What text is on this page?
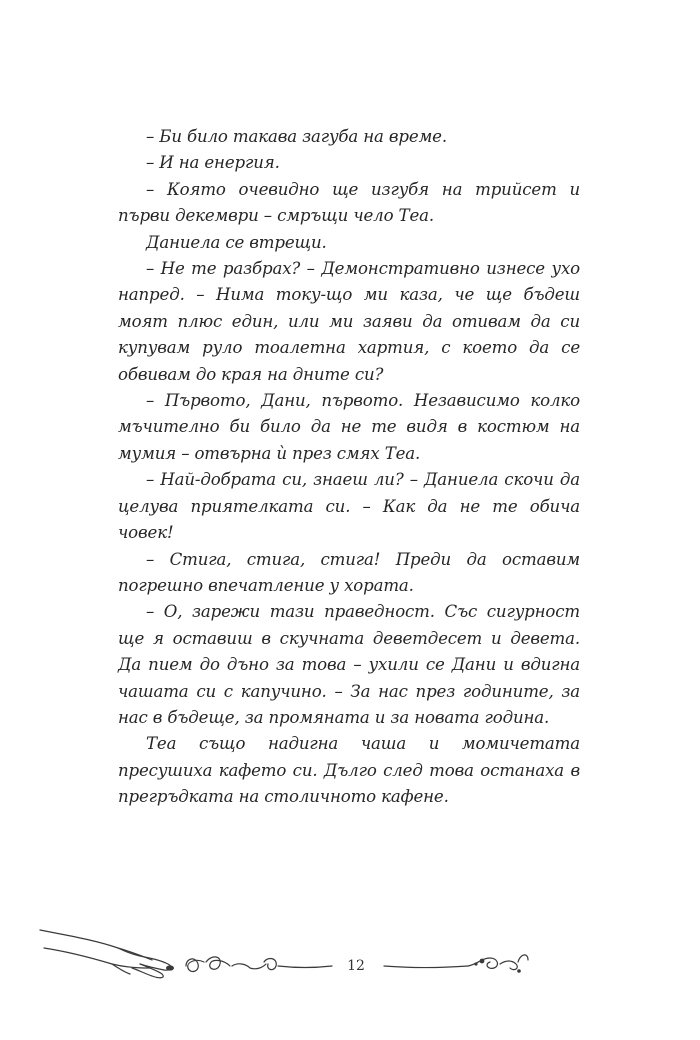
– Би било такава загуба на време.

– И на енергия.

– Която очевидно ще изгубя на трийсет и първи декември – смръщи чело Теа.

Даниела се втрещи.

– Не те разбрах? – Демонстративно изнесе ухо напред. – Нима току-що ми каза, че ще бъдеш моят плюс един, или ми заяви да отивам да си купувам руло тоалетна хартия, с което да се обвивам до края на дните си?

– Първото, Дани, първото. Независимо колко мъчително би било да не те видя в костюм на мумия – отвърна ѝ през смях Теа.

– Най-добрата си, знаеш ли? – Даниела скочи да целува приятелката си. – Как да не те обича човек!

– Стига, стига, стига! Преди да оставим погрешно впечатление у хората.

– О, зарежи тази праведност. Със сигурност ще я оставиш в скучната деветдесет и девета. Да пием до дъно за това – ухили се Дани и вдигна чашата си с капучино. – За нас през годините, за нас в бъдеще, за промяната и за новата година.

Теа също надигна чаша и момичетата пресушиха кафето си. Дълго след това останаха в прегръдката на столичното кафене.

12
